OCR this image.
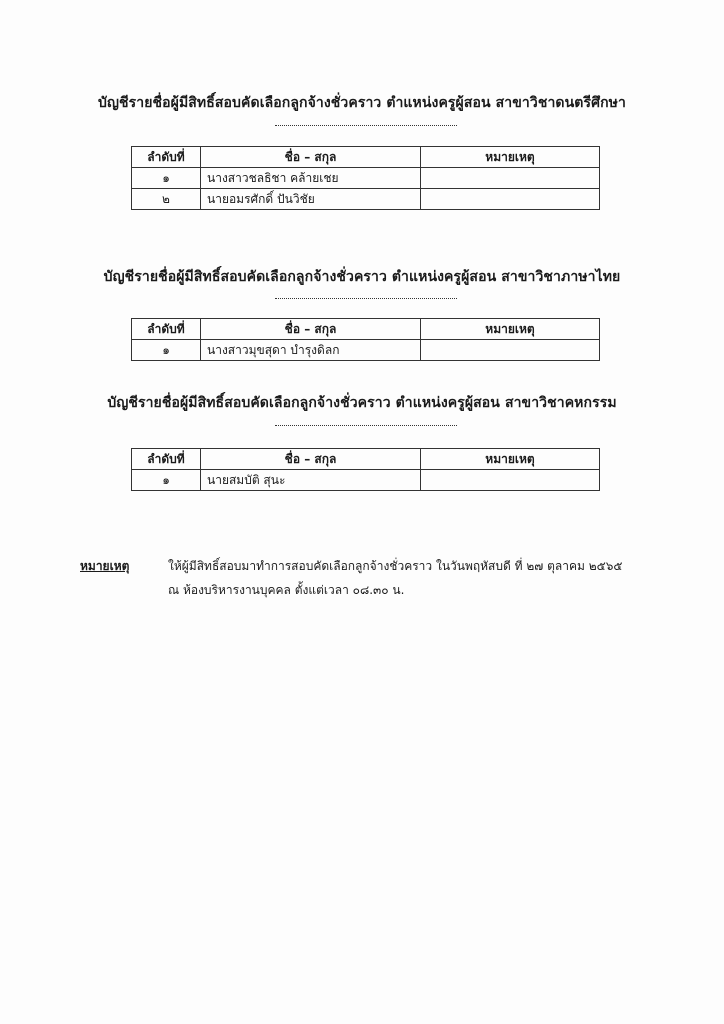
บัญชีรายชื่อผู้มีสิทธิ์สอบคัดเลือกลูกจ้างชั่วคราว ตำแหน่งครูผู้สอน สาขาวิชาดนตรีศึกษา
ลำดับที่	ชื่อ – สกุล	หมายเหตุ
๑	นางสาวชลธิชา คล้ายเชย	
๒	นายอมรศักดิ์ ปันวิชัย	
บัญชีรายชื่อผู้มีสิทธิ์สอบคัดเลือกลูกจ้างชั่วคราว ตำแหน่งครูผู้สอน สาขาวิชาภาษาไทย
ลำดับที่	ชื่อ – สกุล	หมายเหตุ
๑	นางสาวมุขสุดา บำรุงดิลก	
บัญชีรายชื่อผู้มีสิทธิ์สอบคัดเลือกลูกจ้างชั่วคราว ตำแหน่งครูผู้สอน สาขาวิชาคหกรรม
ลำดับที่	ชื่อ – สกุล	หมายเหตุ
๑	นายสมบัติ สุนะ	
หมายเหตุ	ให้ผู้มีสิทธิ์สอบมาทำการสอบคัดเลือกลูกจ้างชั่วคราว ในวันพฤหัสบดี ที่ ๒๗ ตุลาคม ๒๕๖๕
ณ ห้องบริหารงานบุคคล ตั้งแต่เวลา ๐๘.๓๐ น.
